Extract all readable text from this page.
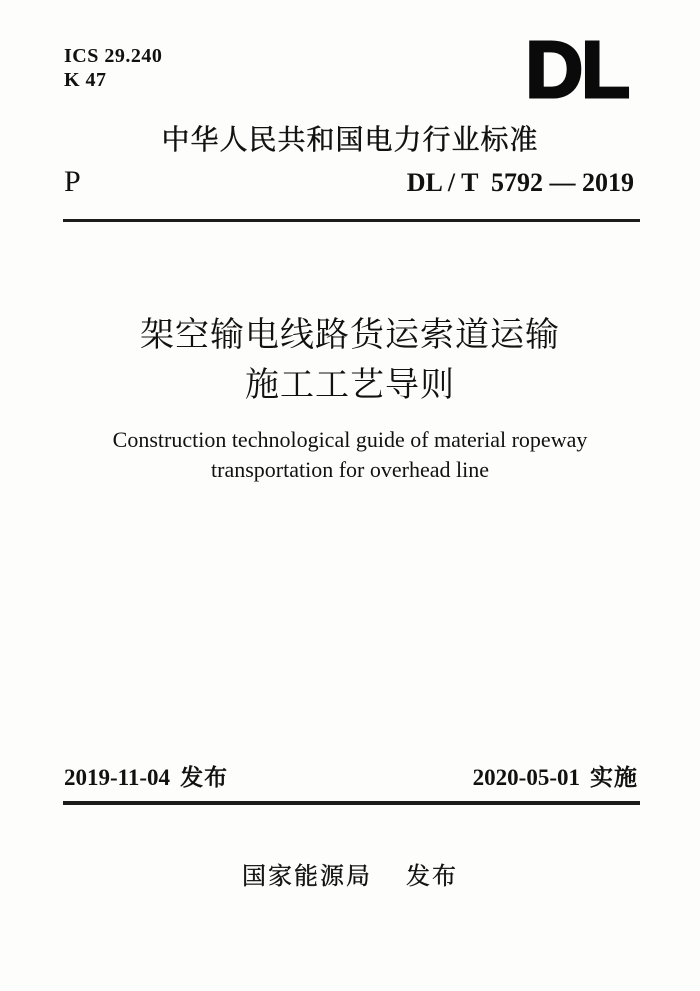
ICS 29.240
K 47	DL
中华人民共和国电力行业标准
P	DL / T  5792 — 2019
架空输电线路货运索道运输
施工工艺导则
Construction technological guide of material ropeway
transportation for overhead line
2019-11-04 发布	2020-05-01 实施
国家能源局 发布
